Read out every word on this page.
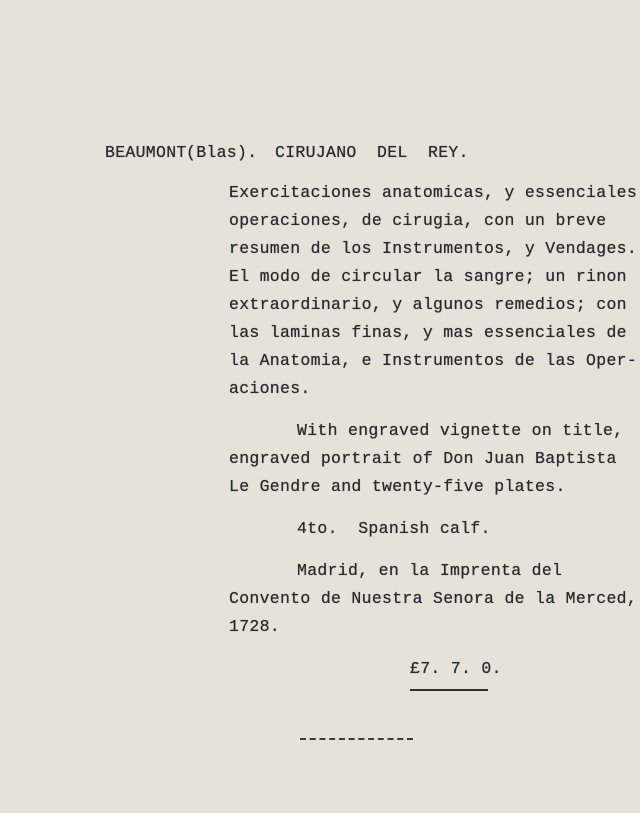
BEAUMONT (Blas). CIRUJANO  DEL  REY.
Exercitaciones anatomicas, y essenciales
operaciones, de cirugia, con un breve
resumen de los Instrumentos, y Vendages.
El modo de circular la sangre; un rinon
extraordinario, y algunos remedios; con
las laminas finas, y mas essenciales de
la Anatomia, e Instrumentos de las Oper-
aciones.
With engraved vignette on title,
engraved portrait of Don Juan Baptista
Le Gendre and twenty-five plates.
4to.  Spanish calf.
Madrid, en la Imprenta del
Convento de Nuestra Senora de la Merced,
1728.
£7. 7. 0.
